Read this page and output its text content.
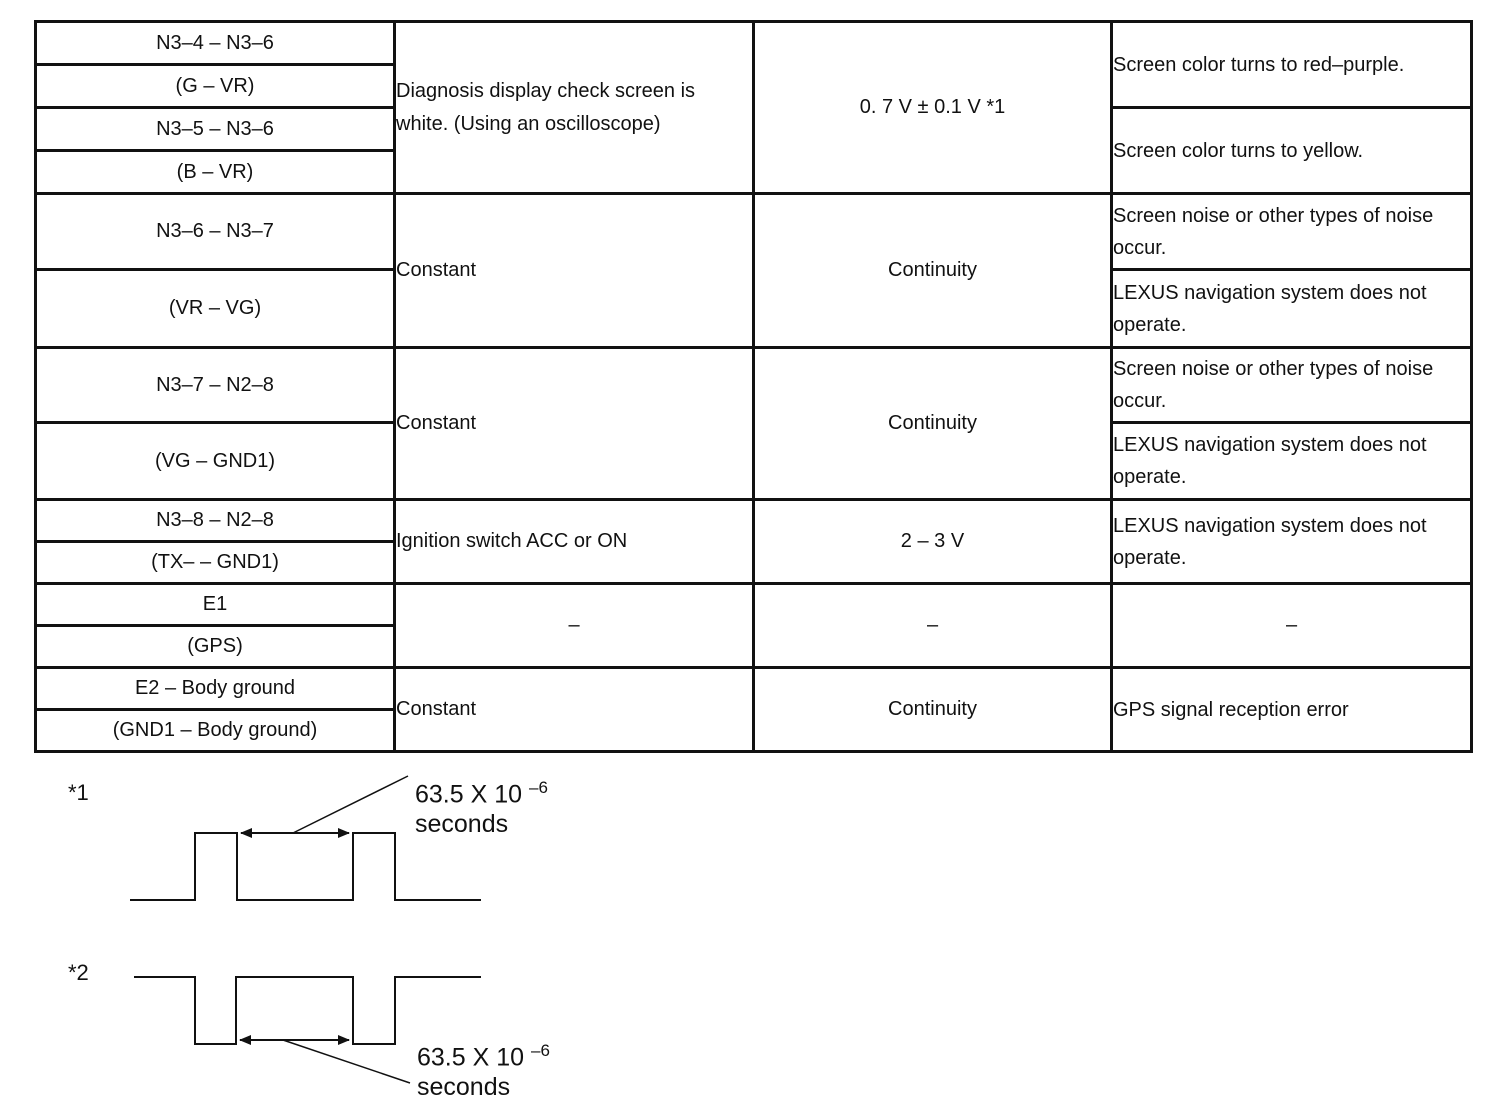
N3–4 – N3–6	Diagnosis display check screen is white. (Using an oscilloscope)	0. 7 V ± 0.1 V *1	Screen color turns to red–purple.
(G – VR)			
N3–5 – N3–6			Screen color turns to yellow.
(B – VR)			
N3–6 – N3–7	Constant	Continuity	Screen noise or other types of noise occur.
(VR – VG)			LEXUS navigation system does not operate.
N3–7 – N2–8	Constant	Continuity	Screen noise or other types of noise occur.
(VG – GND1)			LEXUS navigation system does not operate.
N3–8 – N2–8	Ignition switch ACC or ON	2 – 3 V	LEXUS navigation system does not operate.
(TX– – GND1)			
E1	–	–	–
(GPS)			
E2 – Body ground	Constant	Continuity	GPS signal reception error
(GND1 – Body ground)			
*1
*2
63.5 X 10 $^{-6}$
seconds
63.5 X 10 $^{-6}$
seconds
